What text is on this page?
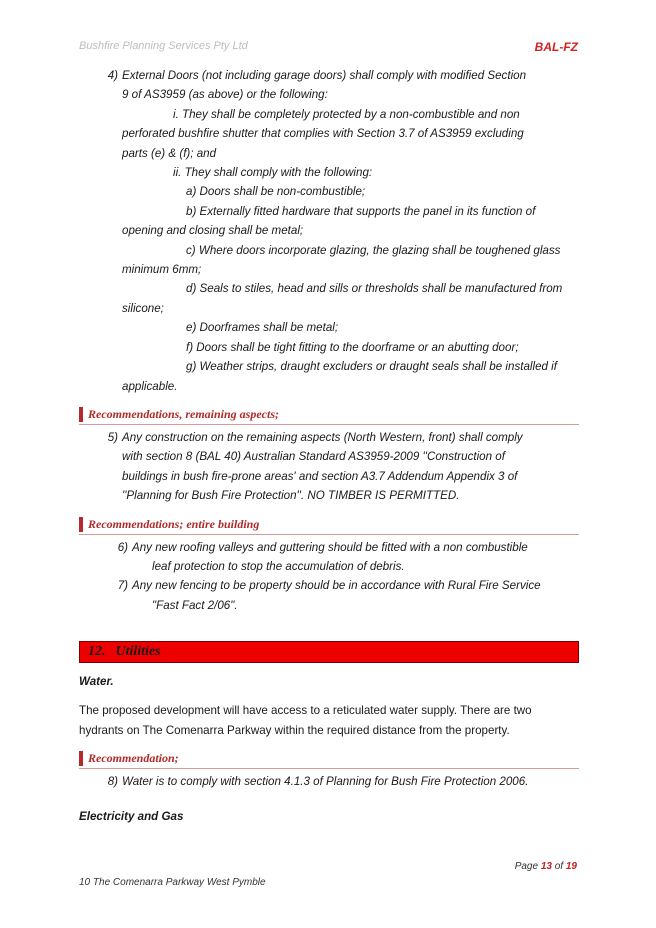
Bushfire Planning Services Pty Ltd	BAL-FZ
4) External Doors (not including garage doors) shall comply with modified Section
9 of AS3959 (as above) or the following:
i. They shall be completely protected by a non-combustible and non
perforated bushfire shutter that complies with Section 3.7 of AS3959 excluding
parts (e) & (f); and
ii. They shall comply with the following:
a) Doors shall be non-combustible;
b) Externally fitted hardware that supports the panel in its function of
opening and closing shall be metal;
c) Where doors incorporate glazing, the glazing shall be toughened glass
minimum 6mm;
d) Seals to stiles, head and sills or thresholds shall be manufactured from
silicone;
e) Doorframes shall be metal;
f) Doors shall be tight fitting to the doorframe or an abutting door;
g) Weather strips, draught excluders or draught seals shall be installed if
applicable.
Recommendations, remaining aspects;
5) Any construction on the remaining aspects (North Western, front) shall comply
with section 8 (BAL 40) Australian Standard AS3959-2009 ''Construction of
buildings in bush fire-prone areas' and section A3.7 Addendum Appendix 3 of
''Planning for Bush Fire Protection''. NO TIMBER IS PERMITTED.
Recommendations; entire building
6) Any new roofing valleys and guttering should be fitted with a non combustible
leaf protection to stop the accumulation of debris.
7) Any new fencing to be property should be in accordance with Rural Fire Service
"Fast Fact 2/06".
12. Utilities
Water.
The proposed development will have access to a reticulated water supply. There are two
hydrants on The Comenarra Parkway within the required distance from the property.
Recommendation;
8) Water is to comply with section 4.1.3 of Planning for Bush Fire Protection 2006.
Electricity and Gas
Page 13 of 19
10 The Comenarra Parkway West Pymble
